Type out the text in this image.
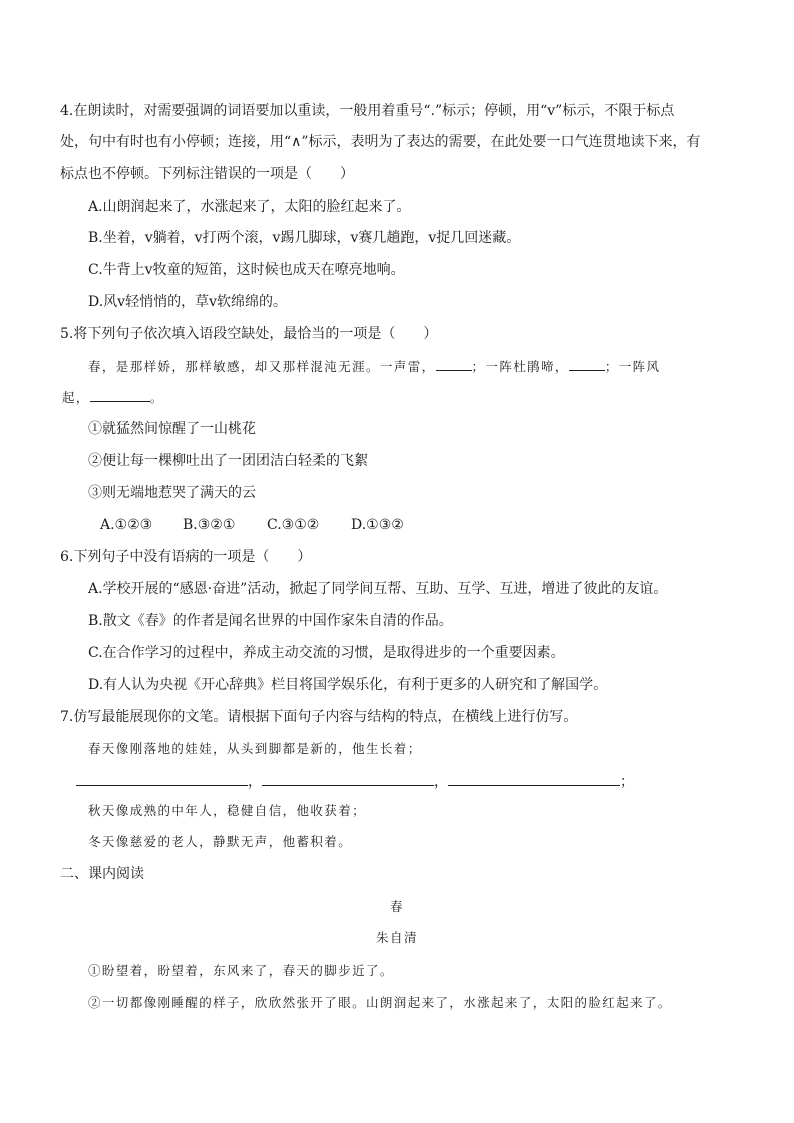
4.在朗读时，对需要强调的词语要加以重读，一般用着重号“.”标示；停顿，用“v”标示，不限于标点
处，句中有时也有小停顿；连接，用“∧”标示，表明为了表达的需要，在此处要一口气连贯地读下来，有
标点也不停顿。下列标注错误的一项是（　　）
A.山朗润起来了，水涨起来了，太阳的脸红起来了。
B.坐着，v躺着，v打两个滚，v踢几脚球，v赛几趟跑，v捉几回迷藏。
C.牛背上v牧童的短笛，这时候也成天在嘹亮地响。
D.风v轻悄悄的，草v软绵绵的。
5.将下列句子依次填入语段空缺处，最恰当的一项是（　　）
春，是那样娇，那样敏感，却又那样混沌无涯。一声雷，	；一阵杜鹃啼，	；一阵风
起，	。
①就猛然间惊醒了一山桃花
②便让每一棵柳吐出了一团团洁白轻柔的飞絮
③则无端地惹哭了满天的云
A.①②③ B.③②① C.③①② D.①③②
6.下列句子中没有语病的一项是（　　）
A.学校开展的“感恩·奋进”活动，掀起了同学间互帮、互助、互学、互进，增进了彼此的友谊。
B.散文《春》的作者是闻名世界的中国作家朱自清的作品。
C.在合作学习的过程中，养成主动交流的习惯，是取得进步的一个重要因素。
D.有人认为央视《开心辞典》栏目将国学娱乐化，有利于更多的人研究和了解国学。
7.仿写最能展现你的文笔。请根据下面句子内容与结构的特点，在横线上进行仿写。
春天像刚落地的娃娃，从头到脚都是新的，他生长着；
，	，	；
秋天像成熟的中年人，稳健自信，他收获着；
冬天像慈爱的老人，静默无声，他蓄积着。
二、课内阅读
春
朱自清
①盼望着，盼望着，东风来了，春天的脚步近了。
②一切都像刚睡醒的样子，欣欣然张开了眼。山朗润起来了，水涨起来了，太阳的脸红起来了。
